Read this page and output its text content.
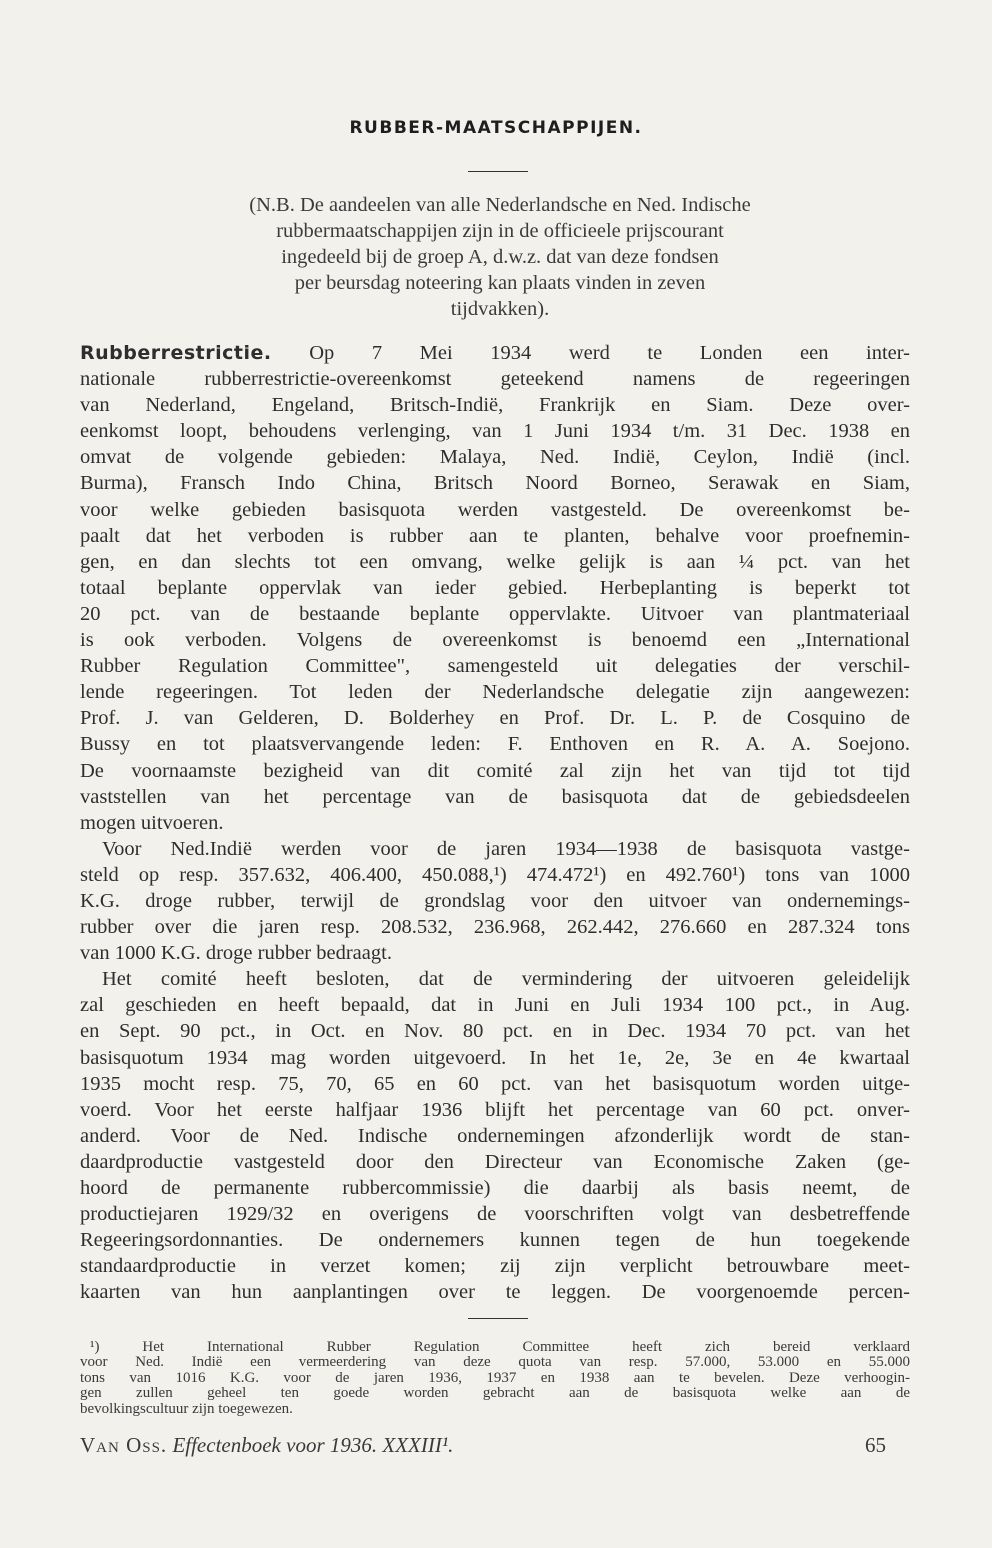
RUBBER-MAATSCHAPPIJEN.
(N.B. De aandeelen van alle Nederlandsche en Ned. Indische
rubbermaatschappijen zijn in de officieele prijscourant
ingedeeld bij de groep A, d.w.z. dat van deze fondsen
per beursdag noteering kan plaats vinden in zeven
tijdvakken).
Rubberrestrictie. Op 7 Mei 1934 werd te Londen een inter-
nationale rubberrestrictie-overeenkomst geteekend namens de regeeringen
van Nederland, Engeland, Britsch-Indië, Frankrijk en Siam. Deze over-
eenkomst loopt, behoudens verlenging, van 1 Juni 1934 t/m. 31 Dec. 1938 en
omvat de volgende gebieden: Malaya, Ned. Indië, Ceylon, Indië (incl.
Burma), Fransch Indo China, Britsch Noord Borneo, Serawak en Siam,
voor welke gebieden basisquota werden vastgesteld. De overeenkomst be-
paalt dat het verboden is rubber aan te planten, behalve voor proefnemin-
gen, en dan slechts tot een omvang, welke gelijk is aan ¼ pct. van het
totaal beplante oppervlak van ieder gebied. Herbeplanting is beperkt tot
20 pct. van de bestaande beplante oppervlakte. Uitvoer van plantmateriaal
is ook verboden. Volgens de overeenkomst is benoemd een „International
Rubber Regulation Committee", samengesteld uit delegaties der verschil-
lende regeeringen. Tot leden der Nederlandsche delegatie zijn aangewezen:
Prof. J. van Gelderen, D. Bolderhey en Prof. Dr. L. P. de Cosquino de
Bussy en tot plaatsvervangende leden: F. Enthoven en R. A. A. Soejono.
De voornaamste bezigheid van dit comité zal zijn het van tijd tot tijd
vaststellen van het percentage van de basisquota dat de gebiedsdeelen
mogen uitvoeren.
Voor Ned.Indië werden voor de jaren 1934—1938 de basisquota vastge-
steld op resp. 357.632, 406.400, 450.088,¹) 474.472¹) en 492.760¹) tons van 1000
K.G. droge rubber, terwijl de grondslag voor den uitvoer van ondernemings-
rubber over die jaren resp. 208.532, 236.968, 262.442, 276.660 en 287.324 tons
van 1000 K.G. droge rubber bedraagt.
Het comité heeft besloten, dat de vermindering der uitvoeren geleidelijk
zal geschieden en heeft bepaald, dat in Juni en Juli 1934 100 pct., in Aug.
en Sept. 90 pct., in Oct. en Nov. 80 pct. en in Dec. 1934 70 pct. van het
basisquotum 1934 mag worden uitgevoerd. In het 1e, 2e, 3e en 4e kwartaal
1935 mocht resp. 75, 70, 65 en 60 pct. van het basisquotum worden uitge-
voerd. Voor het eerste halfjaar 1936 blijft het percentage van 60 pct. onver-
anderd. Voor de Ned. Indische ondernemingen afzonderlijk wordt de stan-
daardproductie vastgesteld door den Directeur van Economische Zaken (ge-
hoord de permanente rubbercommissie) die daarbij als basis neemt, de
productiejaren 1929/32 en overigens de voorschriften volgt van desbetreffende
Regeeringsordonnanties. De ondernemers kunnen tegen de hun toegekende
standaardproductie in verzet komen; zij zijn verplicht betrouwbare meet-
kaarten van hun aanplantingen over te leggen. De voorgenoemde percen-
¹) Het International Rubber Regulation Committee heeft zich bereid verklaard
voor Ned. Indië een vermeerdering van deze quota van resp. 57.000, 53.000 en 55.000
tons van 1016 K.G. voor de jaren 1936, 1937 en 1938 aan te bevelen. Deze verhoogin-
gen zullen geheel ten goede worden gebracht aan de basisquota welke aan de
bevolkingscultuur zijn toegewezen.
Van Oss. Effectenboek voor 1936. XXXIII¹.	65
